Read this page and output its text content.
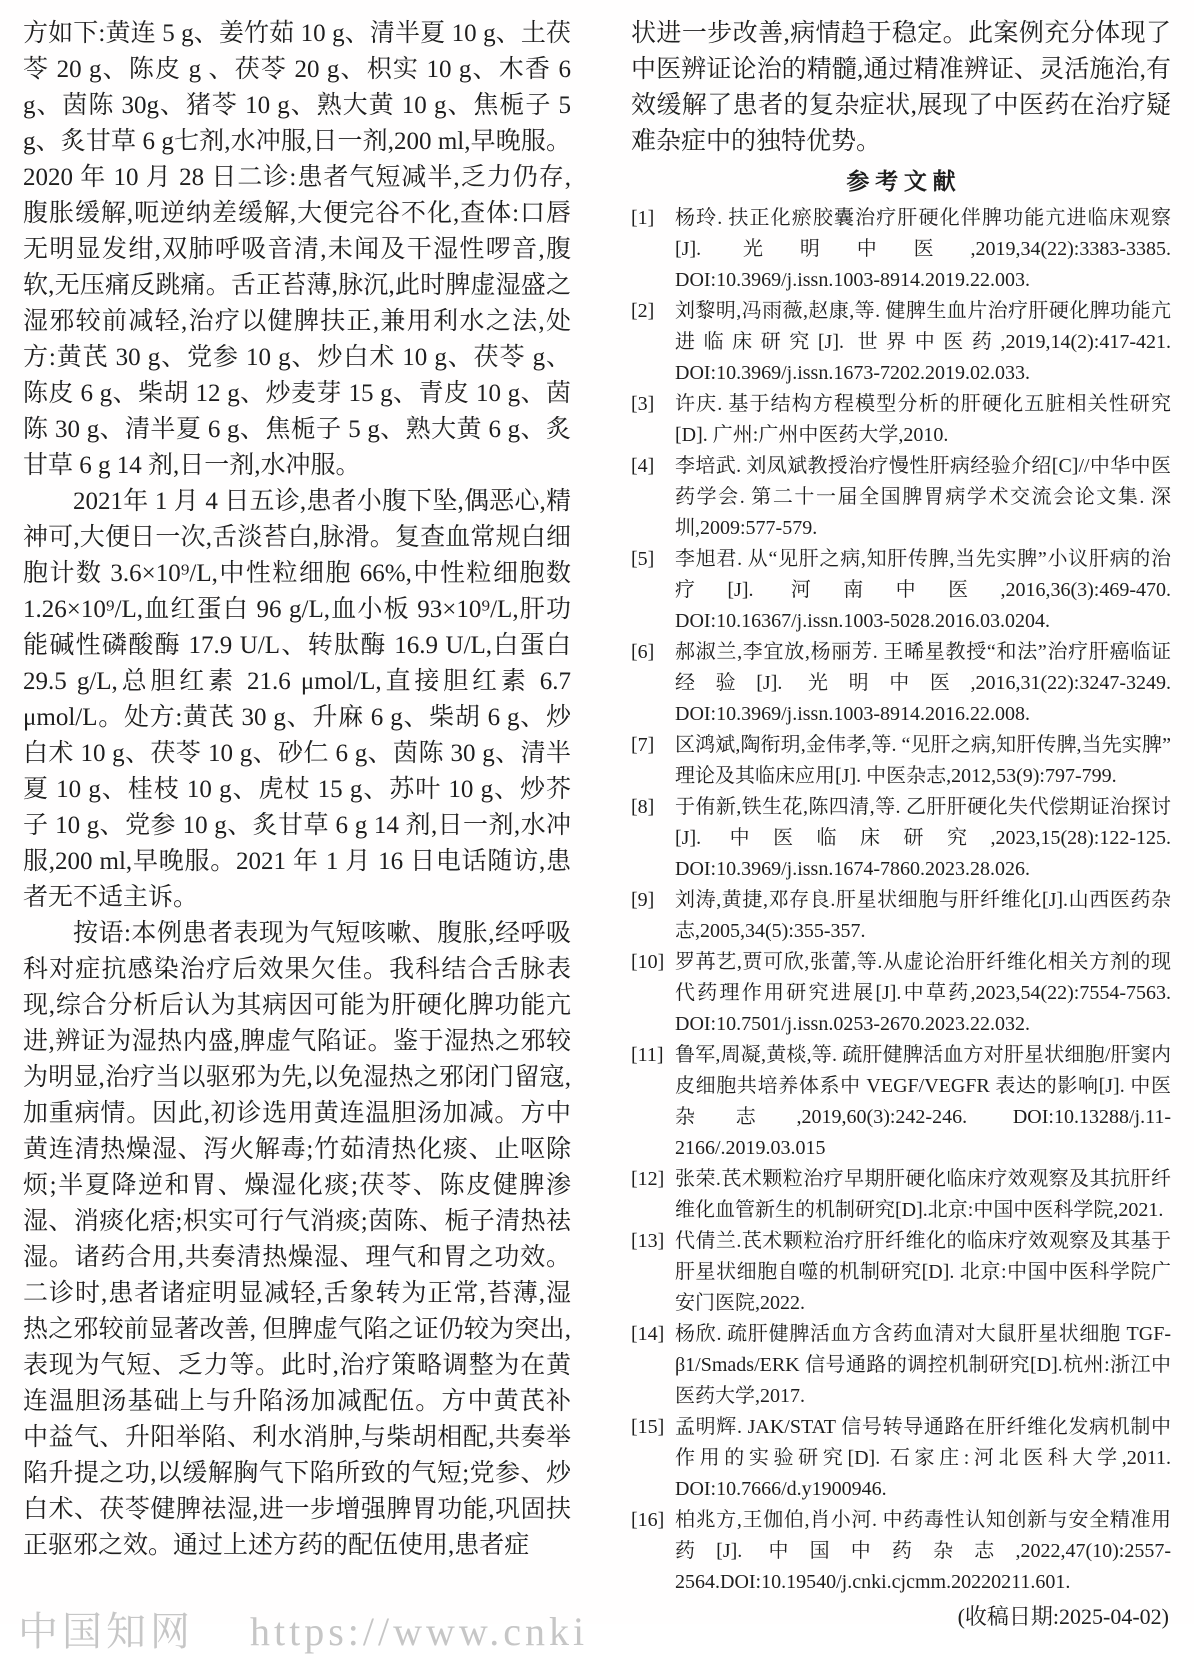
方如下:黄连 5 g、姜竹茹 10 g、清半夏 10 g、土茯苓 20 g、陈皮 g 、茯苓 20 g、枳实 10 g、木香 6 g、茵陈 30g、猪苓 10 g、熟大黄 10 g、焦栀子 5 g、炙甘草 6 g七剂,水冲服,日一剂,200 ml,早晚服。2020 年 10 月 28 日二诊:患者气短减半,乏力仍存,腹胀缓解,呃逆纳差缓解,大便完谷不化,查体:口唇无明显发绀,双肺呼吸音清,未闻及干湿性啰音,腹软,无压痛反跳痛。舌正苔薄,脉沉,此时脾虚湿盛之湿邪较前减轻,治疗以健脾扶正,兼用利水之法,处方:黄芪 30 g、党参 10 g、炒白术 10 g、茯苓 g、陈皮 6 g、柴胡 12 g、炒麦芽 15 g、青皮 10 g、茵陈 30 g、清半夏 6 g、焦栀子 5 g、熟大黄 6 g、炙甘草 6 g 14 剂,日一剂,水冲服。

2021年 1 月 4 日五诊,患者小腹下坠,偶恶心,精神可,大便日一次,舌淡苔白,脉滑。复查血常规白细胞计数 3.6×10⁹/L,中性粒细胞 66%,中性粒细胞数 1.26×10⁹/L,血红蛋白 96 g/L,血小板 93×10⁹/L,肝功能碱性磷酸酶 17.9 U/L、转肽酶 16.9 U/L,白蛋白 29.5 g/L,总胆红素 21.6 μmol/L,直接胆红素 6.7 μmol/L。处方:黄芪 30 g、升麻 6 g、柴胡 6 g、炒白术 10 g、茯苓 10 g、砂仁 6 g、茵陈 30 g、清半夏 10 g、桂枝 10 g、虎杖 15 g、苏叶 10 g、炒芥子 10 g、党参 10 g、炙甘草 6 g 14 剂,日一剂,水冲服,200 ml,早晚服。2021 年 1 月 16 日电话随访,患者无不适主诉。

按语:本例患者表现为气短咳嗽、腹胀,经呼吸科对症抗感染治疗后效果欠佳。我科结合舌脉表现,综合分析后认为其病因可能为肝硬化脾功能亢进,辨证为湿热内盛,脾虚气陷证。鉴于湿热之邪较为明显,治疗当以驱邪为先,以免湿热之邪闭门留寇,加重病情。因此,初诊选用黄连温胆汤加减。方中黄连清热燥湿、泻火解毒;竹茹清热化痰、止呕除烦;半夏降逆和胃、燥湿化痰;茯苓、陈皮健脾渗湿、消痰化痞;枳实可行气消痰;茵陈、栀子清热祛湿。诸药合用,共奏清热燥湿、理气和胃之功效。二诊时,患者诸症明显减轻,舌象转为正常,苔薄,湿热之邪较前显著改善, 但脾虚气陷之证仍较为突出,表现为气短、乏力等。此时,治疗策略调整为在黄连温胆汤基础上与升陷汤加减配伍。方中黄芪补中益气、升阳举陷、利水消肿,与柴胡相配,共奏举陷升提之功,以缓解胸气下陷所致的气短;党参、炒白术、茯苓健脾祛湿,进一步增强脾胃功能,巩固扶正驱邪之效。通过上述方药的配伍使用,患者症

状进一步改善,病情趋于稳定。此案例充分体现了中医辨证论治的精髓,通过精准辨证、灵活施治,有效缓解了患者的复杂症状,展现了中医药在治疗疑难杂症中的独特优势。

参 考 文 献
[1] 杨玲. 扶正化瘀胶囊治疗肝硬化伴脾功能亢进临床观察[J]. 光明中医,2019,34(22):3383-3385. DOI:10.3969/j.issn.1003-8914.2019.22.003.
[2] 刘黎明,冯雨薇,赵康,等. 健脾生血片治疗肝硬化脾功能亢进临床研究[J]. 世界中医药,2019,14(2):417-421. DOI:10.3969/j.issn.1673-7202.2019.02.033.
[3] 许庆. 基于结构方程模型分析的肝硬化五脏相关性研究[D]. 广州:广州中医药大学,2010.
[4] 李培武. 刘凤斌教授治疗慢性肝病经验介绍[C]//中华中医药学会. 第二十一届全国脾胃病学术交流会论文集. 深圳,2009:577-579.
[5] 李旭君. 从“见肝之病,知肝传脾,当先实脾”小议肝病的治疗[J]. 河南中医,2016,36(3):469-470. DOI:10.16367/j.issn.1003-5028.2016.03.0204.
[6] 郝淑兰,李宜放,杨丽芳. 王晞星教授“和法”治疗肝癌临证经验[J]. 光明中医,2016,31(22):3247-3249. DOI:10.3969/j.issn.1003-8914.2016.22.008.
[7] 区鸿斌,陶衔玥,金伟孝,等. “见肝之病,知肝传脾,当先实脾”理论及其临床应用[J]. 中医杂志,2012,53(9):797-799.
[8] 于侑新,铁生花,陈四清,等. 乙肝肝硬化失代偿期证治探讨[J]. 中医临床研究,2023,15(28):122-125. DOI:10.3969/j.issn.1674-7860.2023.28.026.
[9] 刘涛,黄捷,邓存良.肝星状细胞与肝纤维化[J].山西医药杂志,2005,34(5):355-357.
[10] 罗苒艺,贾可欣,张蕾,等.从虚论治肝纤维化相关方剂的现代药理作用研究进展[J].中草药,2023,54(22):7554-7563. DOI:10.7501/j.issn.0253-2670.2023.22.032.
[11] 鲁军,周凝,黄棪,等. 疏肝健脾活血方对肝星状细胞/肝窦内皮细胞共培养体系中 VEGF/VEGFR 表达的影响[J]. 中医杂志,2019,60(3):242-246. DOI:10.13288/j.11-2166/.2019.03.015
[12] 张荣.芪术颗粒治疗早期肝硬化临床疗效观察及其抗肝纤维化血管新生的机制研究[D].北京:中国中医科学院,2021.
[13] 代倩兰.芪术颗粒治疗肝纤维化的临床疗效观察及其基于肝星状细胞自噬的机制研究[D]. 北京:中国中医科学院广安门医院,2022.
[14] 杨欣. 疏肝健脾活血方含药血清对大鼠肝星状细胞 TGF-β1/Smads/ERK 信号通路的调控机制研究[D].杭州:浙江中医药大学,2017.
[15] 孟明辉. JAK/STAT 信号转导通路在肝纤维化发病机制中作用的实验研究[D]. 石家庄:河北医科大学,2011. DOI:10.7666/d.y1900946.
[16] 柏兆方,王伽伯,肖小河. 中药毒性认知创新与安全精准用药[J]. 中国中药杂志,2022,47(10):2557-2564.DOI:10.19540/j.cnki.cjcmm.20220211.601.

(收稿日期:2025-04-02)

中国知网    https://www.cnki
